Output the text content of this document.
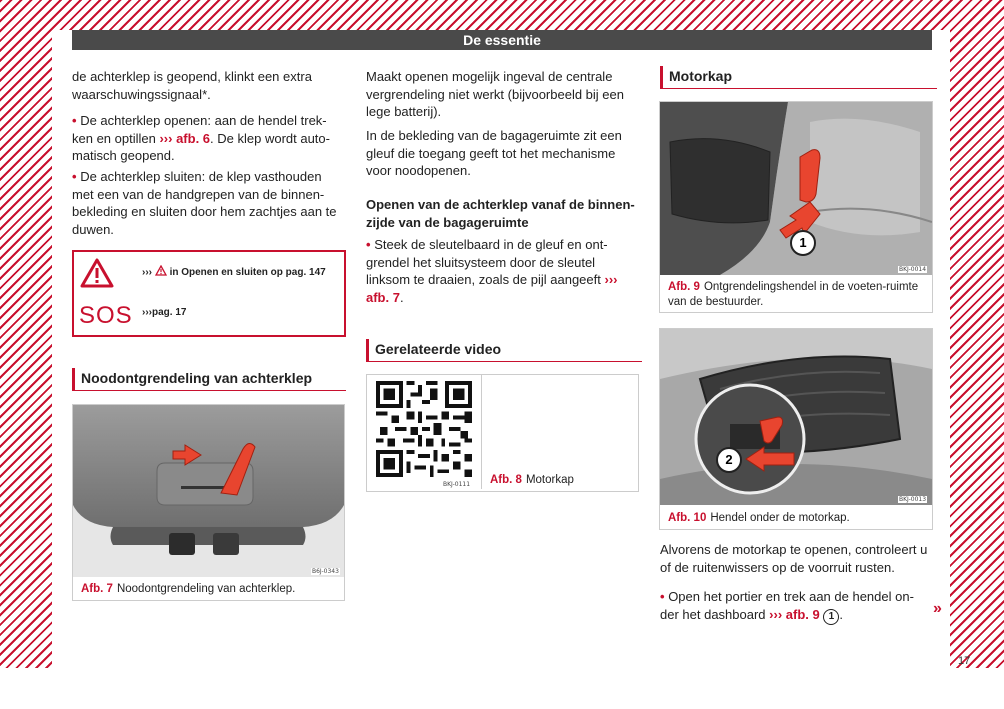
De essentie
de achterklep is geopend, klinkt een extra waarschuwingssignaal*.
• De achterklep openen: aan de hendel trek-ken en optillen ››› afb. 6. De klep wordt auto-matisch geopend.
• De achterklep sluiten: de klep vasthouden met een van de handgrepen van de binnen-bekleding en sluiten door hem zachtjes aan te duwen.
››› in Openen en sluiten op pag. 147
SOS ›››pag. 17
Noodontgrendeling van achterklep
B6J-0343
Afb. 7 Noodontgrendeling van achterklep.
Maakt openen mogelijk ingeval de centrale vergrendeling niet werkt (bijvoorbeeld bij een lege batterij).
In de bekleding van de bagageruimte zit een gleuf die toegang geeft tot het mechanisme voor noodopenen.
Openen van de achterklep vanaf de binnen-zijde van de bagageruimte
• Steek de sleutelbaard in de gleuf en ont-grendel het sluitsysteem door de sleutel linksom te draaien, zoals de pijl aangeeft ››› afb. 7.
Gerelateerde video
BKJ-0111 Afb. 8 Motorkap
Motorkap
1
BKJ-0014
Afb. 9 Ontgrendelingshendel in de voeten-ruimte van de bestuurder.
2
BKJ-0013
Afb. 10 Hendel onder de motorkap.
Alvorens de motorkap te openen, controleert u of de ruitenwissers op de voorruit rusten.
• Open het portier en trek aan de hendel on-der het dashboard ››› afb. 9 1 .	»
17
